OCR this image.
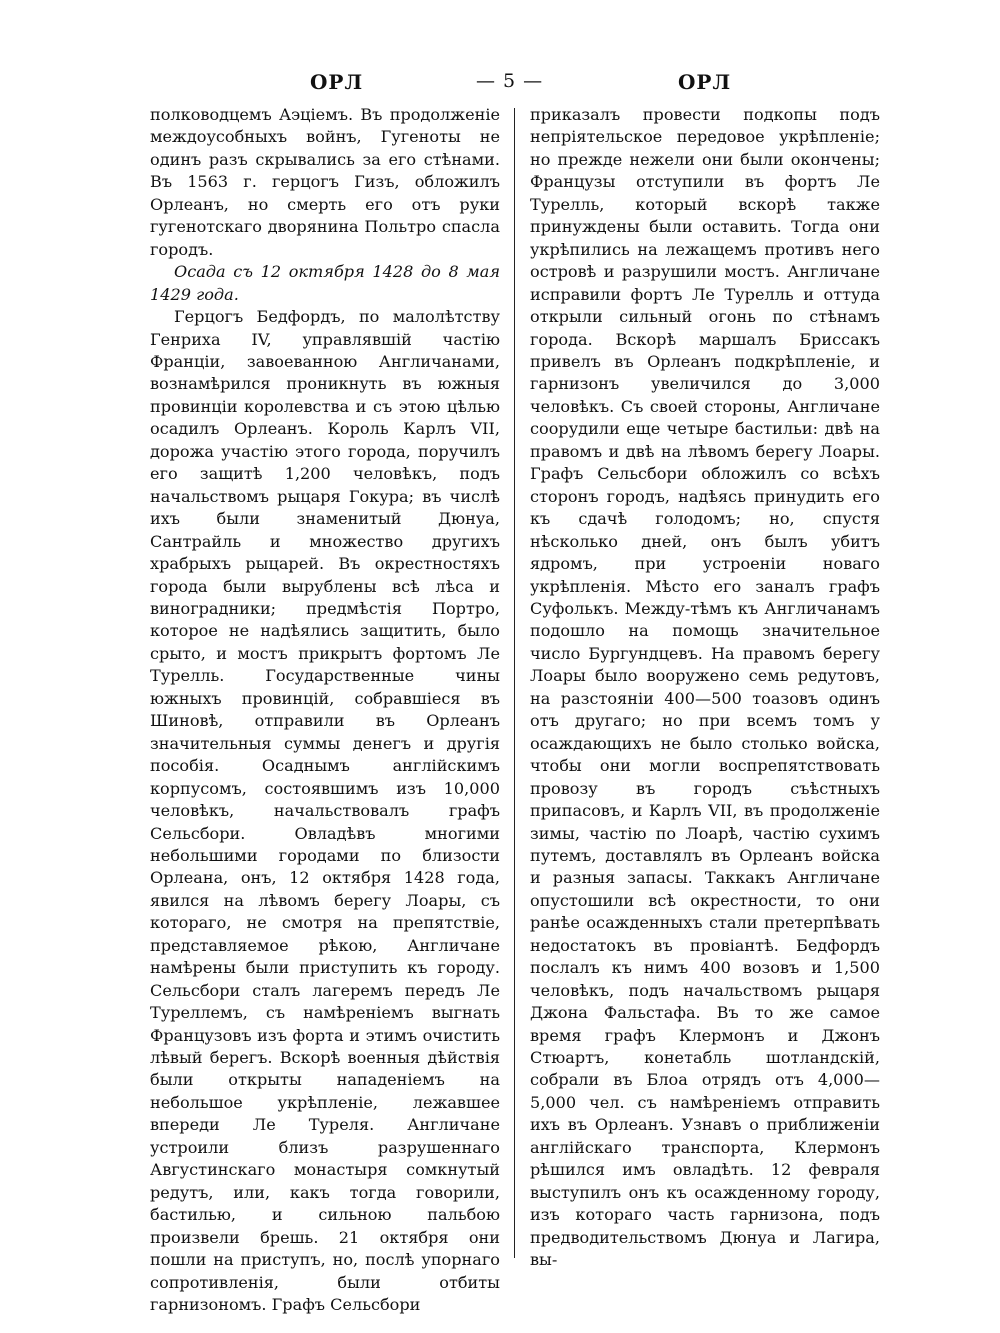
ОРЛ	— 5 —	ОРЛ

полководцемъ Аэціемъ. Въ продолженіе междоусобныхъ войнъ, Гугеноты не одинъ разъ скрывались за его стѣнами. Въ 1563 г. герцогъ Гизъ, обложилъ Орлеанъ, но смерть его отъ руки гугенотскаго дворянина Польтро спасла городъ.

Осада съ 12 октября 1428 до 8 мая 1429 года.

Герцогъ Бедфордъ, по малолѣтству Генриха IV, управлявшій частію Франціи, завоеванною Англичанами, вознамѣрился проникнуть въ южныя провинціи королевства и съ этою цѣлью осадилъ Орлеанъ. Король Карлъ VII, дорожа участію этого города, поручилъ его защитѣ 1,200 человѣкъ, подъ начальствомъ рыцаря Гокура; въ числѣ ихъ были знаменитый Дюнуа, Сантрайль и множество другихъ храбрыхъ рыцарей. Въ окрестностяхъ города были вырублены всѣ лѣса и виноградники; предмѣстія Портро, которое не надѣялись защитить, было срыто, и мостъ прикрытъ фортомъ Ле Турелль. Государственные чины южныхъ провинцій, собравшіеся въ Шиновѣ, отправили въ Орлеанъ значительныя суммы денегъ и другія пособія. Осаднымъ англійскимъ корпусомъ, состоявшимъ изъ 10,000 человѣкъ, начальствовалъ графъ Сельсбори. Овладѣвъ многими небольшими городами по близости Орлеана, онъ, 12 октября 1428 года, явился на лѣвомъ берегу Лоары, съ котораго, не смотря на препятствіе, представляемое рѣкою, Англичане намѣрены были приступить къ городу. Сельсбори сталъ лагеремъ передъ Ле Туреллемъ, съ намѣреніемъ выгнать Французовъ изъ форта и этимъ очистить лѣвый берегъ. Вскорѣ военныя дѣйствія были открыты нападеніемъ на небольшое укрѣпленіе, лежавшее впереди Ле Туреля. Англичане устроили близъ разрушеннаго Августинскаго монастыря сомкнутый редутъ, или, какъ тогда говорили, бастилью, и сильною пальбою произвели брешь. 21 октября они пошли на приступъ, но, послѣ упорнаго сопротивленія, были отбиты гарнизономъ. Графъ Сельсбори

приказалъ провести подкопы подъ непріятельское передовое укрѣпленіе; но прежде нежели они были окончены; Французы отступили въ фортъ Ле Турелль, который вскорѣ также принуждены были оставить. Тогда они укрѣпились на лежащемъ противъ него островѣ и разрушили мостъ. Англичане исправили фортъ Ле Турелль и оттуда открыли сильный огонь по стѣнамъ города. Вскорѣ маршалъ Бриссакъ привелъ въ Орлеанъ подкрѣпленіе, и гарнизонъ увеличился до 3,000 человѣкъ. Съ своей стороны, Англичане соорудили еще четыре бастильи: двѣ на правомъ и двѣ на лѣвомъ берегу Лоары. Графъ Сельсбори обложилъ со всѣхъ сторонъ городъ, надѣясь принудить его къ сдачѣ голодомъ; но, спустя нѣсколько дней, онъ былъ убитъ ядромъ, при устроеніи новаго укрѣпленія. Мѣсто его заналъ графъ Суфолькъ. Между-тѣмъ къ Англичанамъ подошло на помощь значительное число Бургундцевъ. На правомъ берегу Лоары было вооружено семь редутовъ, на разстояніи 400—500 тоазовъ одинъ отъ другаго; но при всемъ томъ у осаждающихъ не было столько войска, чтобы они могли воспрепятствовать провозу въ городъ съѣстныхъ припасовъ, и Карлъ VII, въ продолженіе зимы, частію по Лоарѣ, частію сухимъ путемъ, доставлялъ въ Орлеанъ войска и разныя запасы. Таккакъ Англичане опустошили всѣ окрестности, то они ранѣе осажденныхъ стали претерпѣвать недостатокъ въ провіантѣ. Бедфордъ послалъ къ нимъ 400 возовъ и 1,500 человѣкъ, подъ начальствомъ рыцаря Джона Фальстафа. Въ то же самое время графъ Клермонъ и Джонъ Стюартъ, конетабль шотландскій, собрали въ Блоа отрядъ отъ 4,000—5,000 чел. съ намѣреніемъ отправить ихъ въ Орлеанъ. Узнавъ о приближеніи англійскаго транспорта, Клермонъ рѣшился имъ овладѣть. 12 февраля выступилъ онъ къ осажденному городу, изъ котораго часть гарнизона, подъ предводительствомъ Дюнуа и Лагира, вы-
